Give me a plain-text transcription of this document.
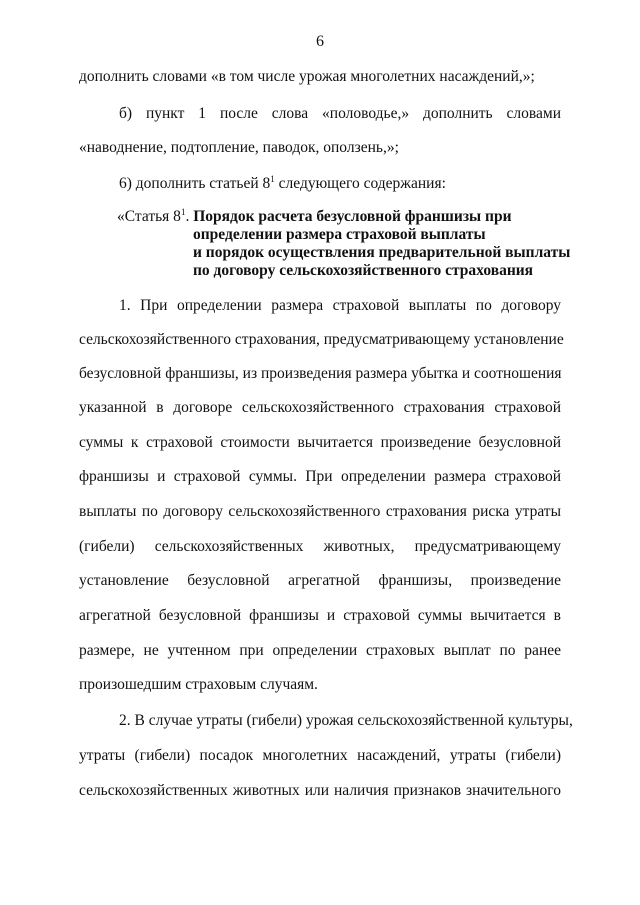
6
дополнить словами «в том числе урожая многолетних насаждений,»;
б) пункт 1 после слова «половодье,» дополнить словами
«наводнение, подтопление, паводок, оползень,»;
6) дополнить статьей $8^1$ следующего содержания:
«Статья $8^1$. Порядок расчета безусловной франшизы при
определении размера страховой выплаты
и порядок осуществления предварительной выплаты
по договору сельскохозяйственного страхования
1. При определении размера страховой выплаты по договору
сельскохозяйственного страхования, предусматривающему установление
безусловной франшизы, из произведения размера убытка и соотношения
указанной в договоре сельскохозяйственного страхования страховой
суммы к страховой стоимости вычитается произведение безусловной
франшизы и страховой суммы. При определении размера страховой
выплаты по договору сельскохозяйственного страхования риска утраты
(гибели) сельскохозяйственных животных, предусматривающему
установление безусловной агрегатной франшизы, произведение
агрегатной безусловной франшизы и страховой суммы вычитается в
размере, не учтенном при определении страховых выплат по ранее
произошедшим страховым случаям.
2. В случае утраты (гибели) урожая сельскохозяйственной культуры,
утраты (гибели) посадок многолетних насаждений, утраты (гибели)
сельскохозяйственных животных или наличия признаков значительного
